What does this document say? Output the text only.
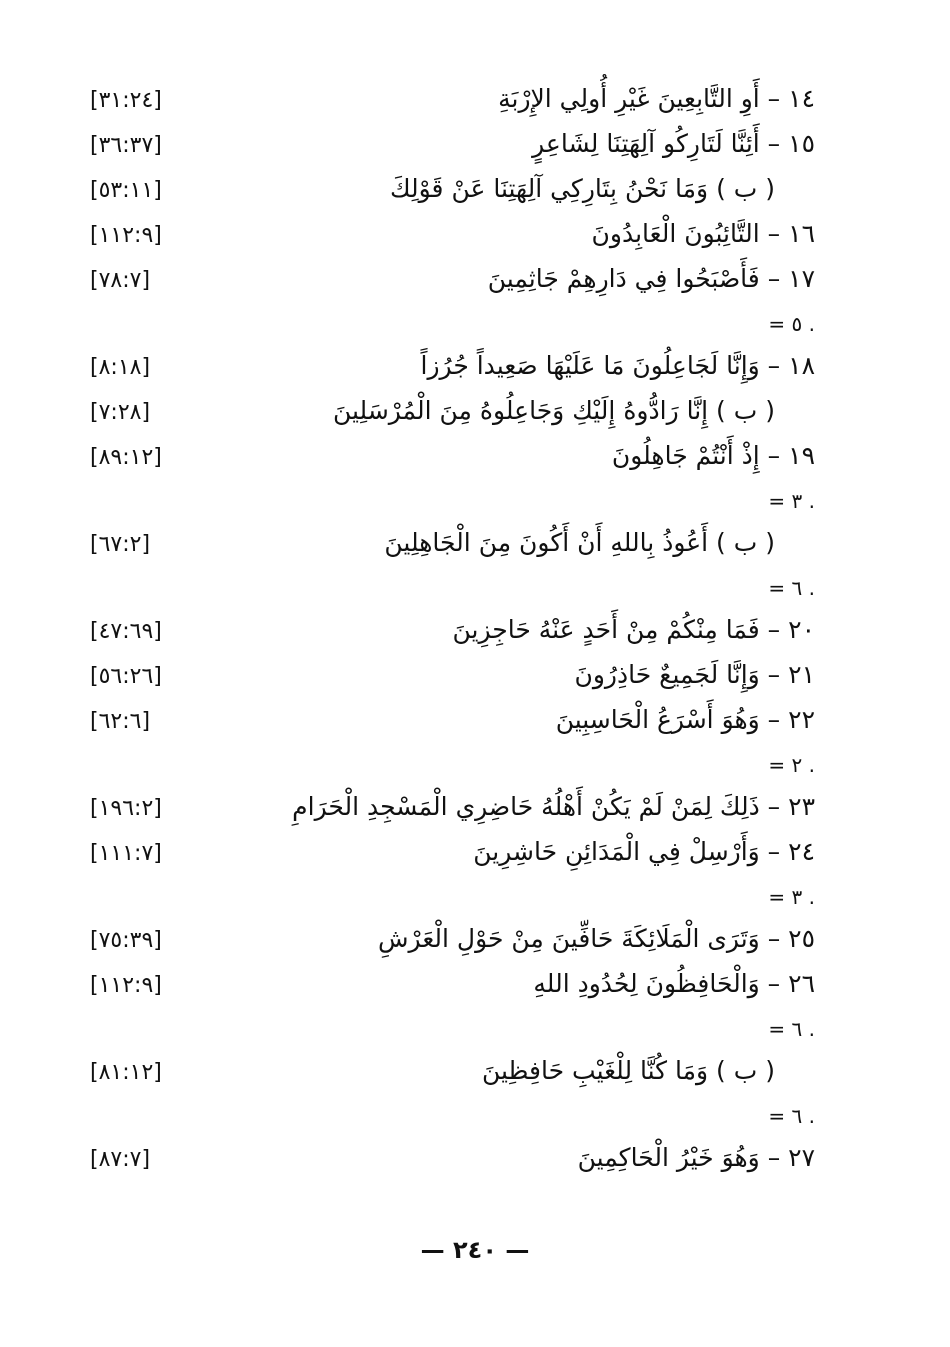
١٤ – أَوِ التَّابِعِينَ غَيْرِ أُولِي الإِرْبَةِ
[٣١:٢٤]
١٥ – أَئِنَّا لَتَارِكُو آلِهَتِنَا لِشَاعِرٍ
[٣٦:٣٧]
( ب ) وَمَا نَحْنُ بِتَارِكِي آلِهَتِنَا عَنْ قَوْلِكَ
[٥٣:١١]
١٦ – التَّائِبُونَ الْعَابِدُونَ
[١١٢:٩]
١٧ – فَأَصْبَحُوا فِي دَارِهِمْ جَاثِمِينَ
[٧٨:٧]
= ٥ .
١٨ – وَإِنَّا لَجَاعِلُونَ مَا عَلَيْهَا صَعِيداً جُرُزاً
[٨:١٨]
( ب ) إِنَّا رَادُّوهُ إِلَيْكِ وَجَاعِلُوهُ مِنَ الْمُرْسَلِينَ
[٧:٢٨]
١٩ – إِذْ أَنْتُمْ جَاهِلُونَ
[٨٩:١٢]
= ٣ .
( ب ) أَعُوذُ بِاللهِ أَنْ أَكُونَ مِنَ الْجَاهِلِينَ
[٦٧:٢]
= ٦ .
٢٠ – فَمَا مِنْكُمْ مِنْ أَحَدٍ عَنْهُ حَاجِزِينَ
[٤٧:٦٩]
٢١ – وَإِنَّا لَجَمِيعٌ حَاذِرُونَ
[٥٦:٢٦]
٢٢ – وَهُوَ أَسْرَعُ الْحَاسِبِينَ
[٦٢:٦]
= ٢ .
٢٣ – ذَلِكَ لِمَنْ لَمْ يَكُنْ أَهْلُهُ حَاضِرِي الْمَسْجِدِ الْحَرَامِ
[١٩٦:٢]
٢٤ – وَأَرْسِلْ فِي الْمَدَائِنِ حَاشِرِينَ
[١١١:٧]
= ٣ .
٢٥ – وَتَرَى الْمَلَائِكَةَ حَافِّينَ مِنْ حَوْلِ الْعَرْشِ
[٧٥:٣٩]
٢٦ – وَالْحَافِظُونَ لِحُدُودِ اللهِ
[١١٢:٩]
= ٦ .
( ب ) وَمَا كُنَّا لِلْغَيْبِ حَافِظِينَ
[٨١:١٢]
= ٦ .
٢٧ – وَهُوَ خَيْرُ الْحَاكِمِينَ
[٨٧:٧]
— ٢٤٠ —
